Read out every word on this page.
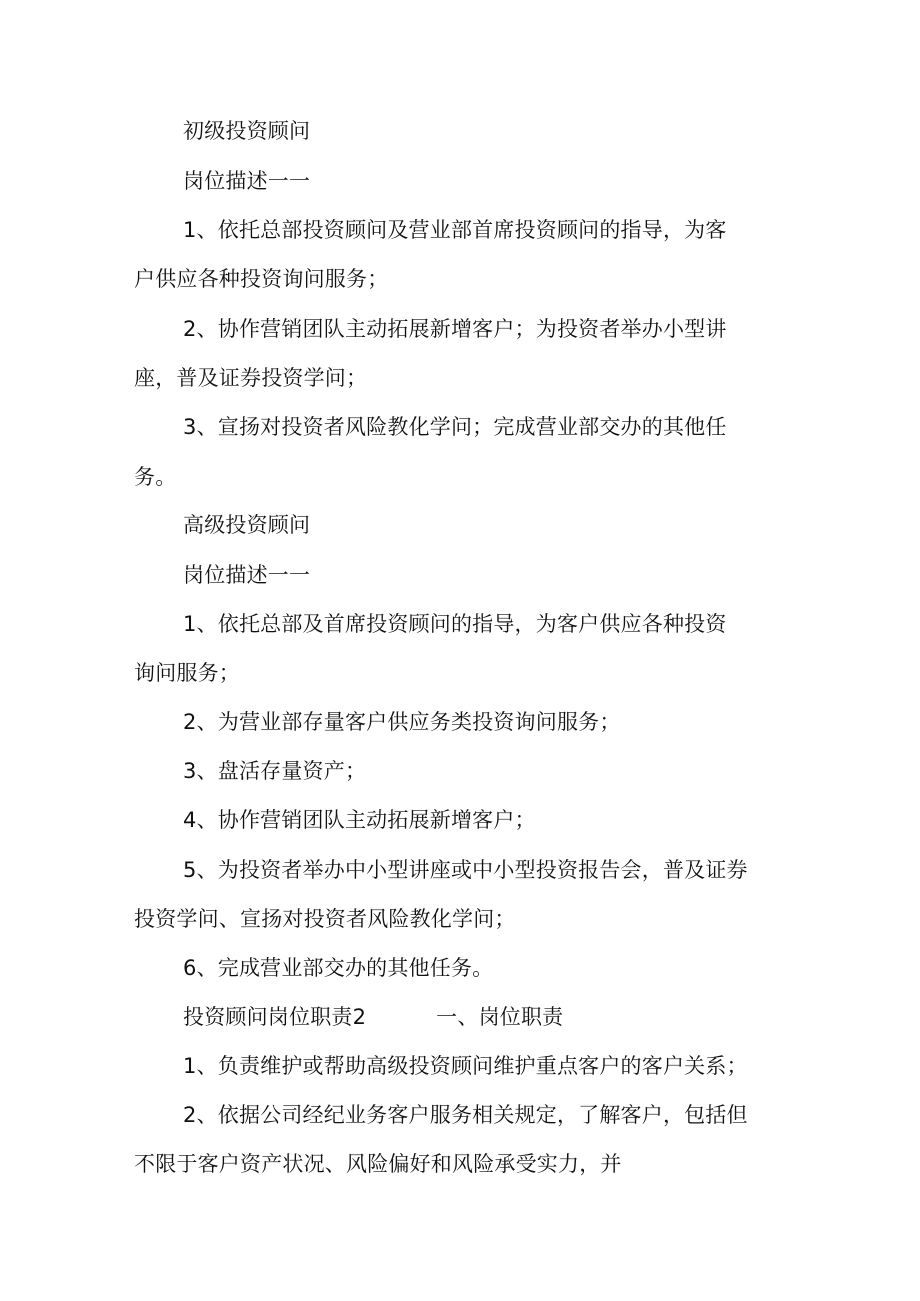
初级投资顾问
岗位描述一一
1、依托总部投资顾问及营业部首席投资顾问的指导，为客
户供应各种投资询问服务；
2、协作营销团队主动拓展新增客户；为投资者举办小型讲
座，普及证券投资学问；
3、宣扬对投资者风险教化学问；完成营业部交办的其他任
务。
高级投资顾问
岗位描述一一
1、依托总部及首席投资顾问的指导，为客户供应各种投资
询问服务；
2、为营业部存量客户供应务类投资询问服务；
3、盘活存量资产；
4、协作营销团队主动拓展新增客户；
5、为投资者举办中小型讲座或中小型投资报告会，普及证券
投资学问、宣扬对投资者风险教化学问；
6、完成营业部交办的其他任务。
投资顾问岗位职责2	一、岗位职责
1、负责维护或帮助高级投资顾问维护重点客户的客户关系；
2、依据公司经纪业务客户服务相关规定，了解客户，包括但
不限于客户资产状况、风险偏好和风险承受实力，并
